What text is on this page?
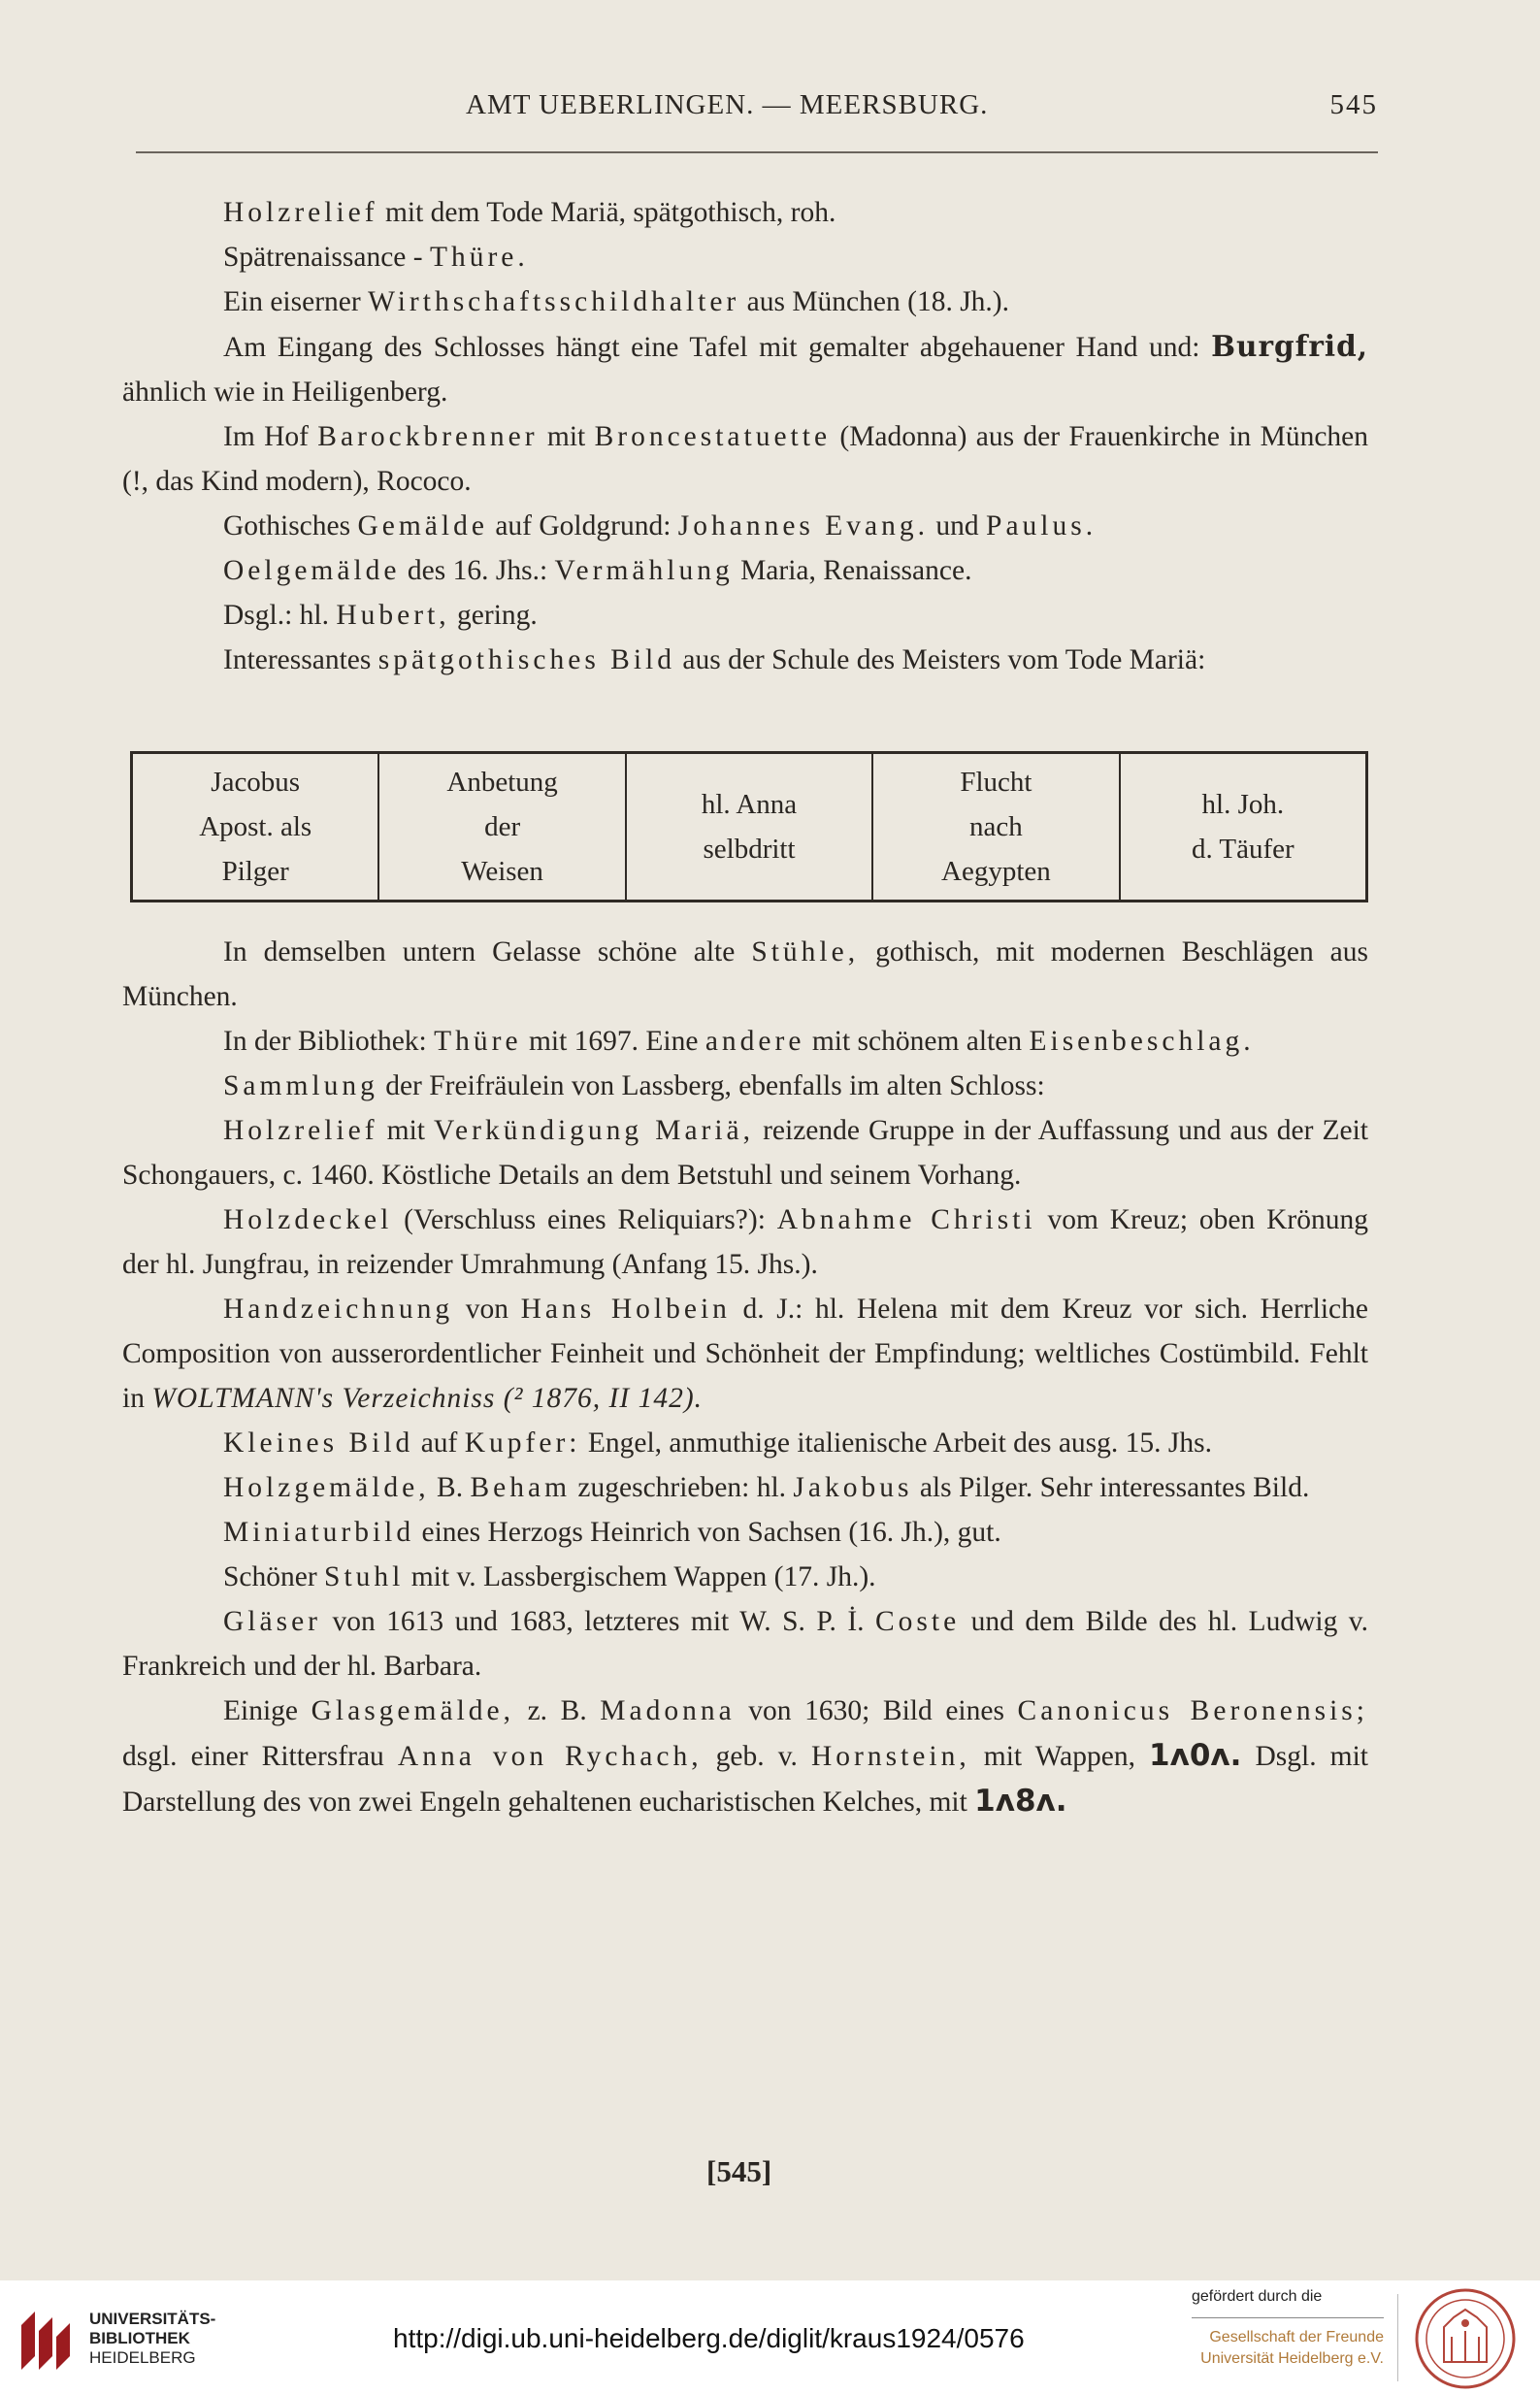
AMT UEBERLINGEN. — MEERSBURG.	545

Holzrelief mit dem Tode Mariä, spätgothisch, roh.

Spätrenaissance - Thüre.

Ein eiserner Wirthschaftsschildhalter aus München (18. Jh.).

Am Eingang des Schlosses hängt eine Tafel mit gemalter abgehauener Hand und: Burgfrid, ähnlich wie in Heiligenberg.

Im Hof Barockbrenner mit Broncestatuette (Madonna) aus der Frauenkirche in München (!, das Kind modern), Rococo.

Gothisches Gemälde auf Goldgrund: Johannes Evang. und Paulus.

Oelgemälde des 16. Jhs.: Vermählung Maria, Renaissance.

Dsgl.: hl. Hubert, gering.

Interessantes spätgothisches Bild aus der Schule des Meisters vom Tode Mariä:

Jacobus
Apost. als
Pilger
Anbetung
der
Weisen
hl. Anna
selbdritt
Flucht
nach
Aegypten
hl. Joh.
d. Täufer

In demselben untern Gelasse schöne alte Stühle, gothisch, mit modernen Beschlägen aus München.

In der Bibliothek: Thüre mit 1697. Eine andere mit schönem alten Eisenbeschlag.

Sammlung der Freifräulein von Lassberg, ebenfalls im alten Schloss:

Holzrelief mit Verkündigung Mariä, reizende Gruppe in der Auffassung und aus der Zeit Schongauers, c. 1460. Köstliche Details an dem Betstuhl und seinem Vorhang.

Holzdeckel (Verschluss eines Reliquiars?): Abnahme Christi vom Kreuz; oben Krönung der hl. Jungfrau, in reizender Umrahmung (Anfang 15. Jhs.).

Handzeichnung von Hans Holbein d. J.: hl. Helena mit dem Kreuz vor sich. Herrliche Composition von ausserordentlicher Feinheit und Schönheit der Empfindung; weltliches Costümbild. Fehlt in WOLTMANN's Verzeichniss (² 1876, II 142).

Kleines Bild auf Kupfer: Engel, anmuthige italienische Arbeit des ausg. 15. Jhs.

Holzgemälde, B. Beham zugeschrieben: hl. Jakobus als Pilger. Sehr interessantes Bild.

Miniaturbild eines Herzogs Heinrich von Sachsen (16. Jh.), gut.

Schöner Stuhl mit v. Lassbergischem Wappen (17. Jh.).

Gläser von 1613 und 1683, letzteres mit W. S. P. İ. Coste und dem Bilde des hl. Ludwig v. Frankreich und der hl. Barbara.

Einige Glasgemälde, z. B. Madonna von 1630; Bild eines Canonicus Beronensis; dsgl. einer Rittersfrau Anna von Rychach, geb. v. Hornstein, mit Wappen, 1ᴧ0ᴧ. Dsgl. mit Darstellung des von zwei Engeln gehaltenen eucharistischen Kelches, mit 1ᴧ8ᴧ.

[545]
UNIVERSITÄTS-
BIBLIOTHEK
HEIDELBERG
http://digi.ub.uni-heidelberg.de/diglit/kraus1924/0576
gefördert durch die
Gesellschaft der Freunde
Universität Heidelberg e.V.
